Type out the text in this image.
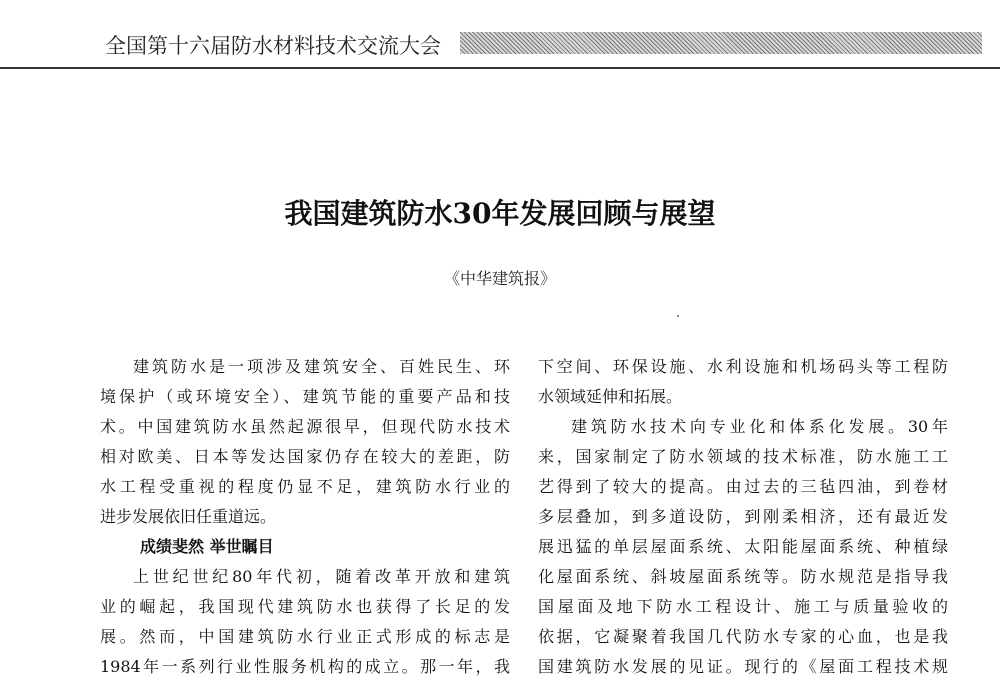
全国第十六届防水材料技术交流大会
我国建筑防水30年发展回顾与展望
《中华建筑报》
建筑防水是一项涉及建筑安全、百姓民生、环
境保护（或环境安全）、建筑节能的重要产品和技
术。中国建筑防水虽然起源很早，但现代防水技术
相对欧美、日本等发达国家仍存在较大的差距，防
水工程受重视的程度仍显不足，建筑防水行业的
进步发展依旧任重道远。
成绩斐然 举世瞩目
上世纪世纪80年代初，随着改革开放和建筑
业的崛起，我国现代建筑防水也获得了长足的发
展。然而，中国建筑防水行业正式形成的标志是
1984年一系列行业性服务机构的成立。那一年，我
下空间、环保设施、水利设施和机场码头等工程防
水领域延伸和拓展。
建筑防水技术向专业化和体系化发展。30年
来，国家制定了防水领域的技术标准，防水施工工
艺得到了较大的提高。由过去的三毡四油，到卷材
多层叠加，到多道设防，到刚柔相济，还有最近发
展迅猛的单层屋面系统、太阳能屋面系统、种植绿
化屋面系统、斜坡屋面系统等。防水规范是指导我
国屋面及地下防水工程设计、施工与质量验收的
依据，它凝聚着我国几代防水专家的心血，也是我
国建筑防水发展的见证。现行的《屋面工程技术规
